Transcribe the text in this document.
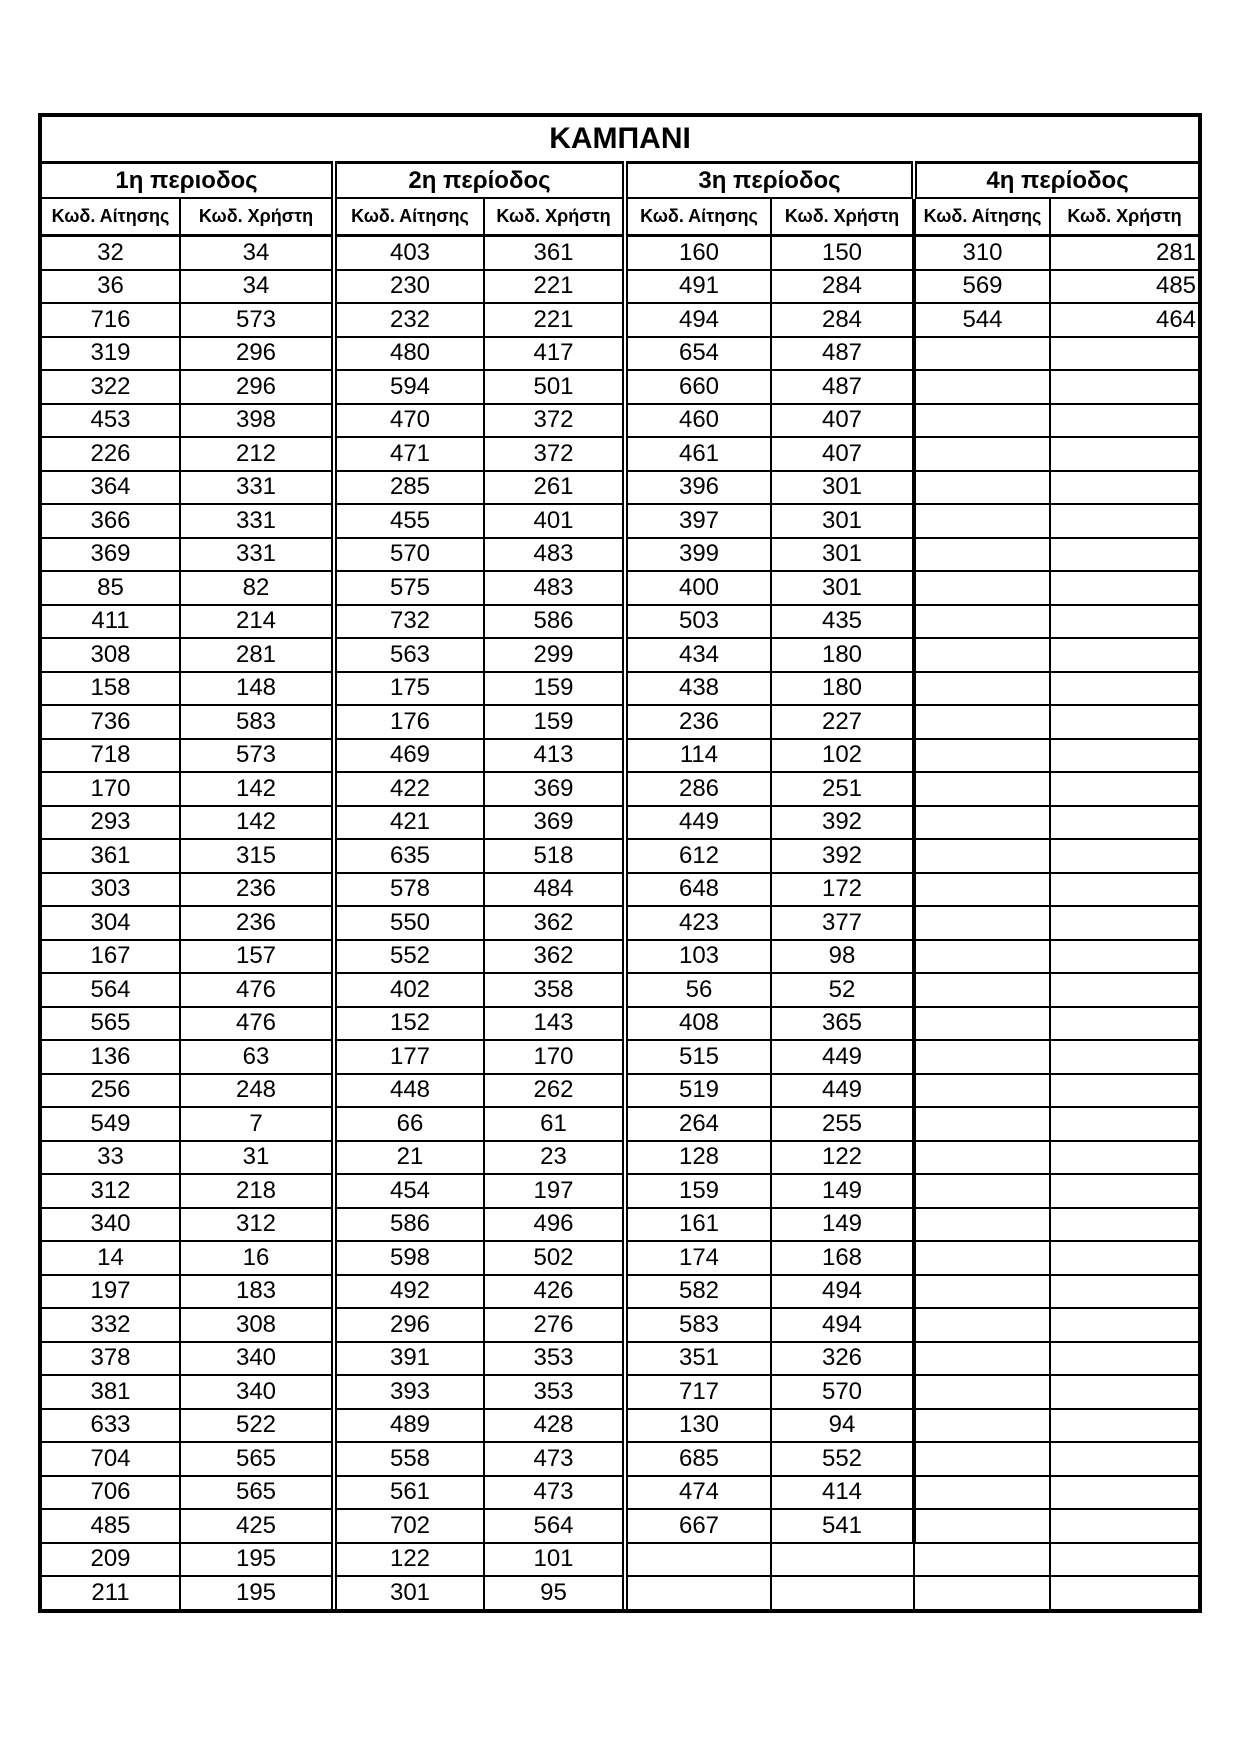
ΚΑΜΠΑΝΙ							
1η περιοδος		2η περίοδος		3η περίοδος		4η περίοδος	
Κωδ. Αίτησης	Κωδ. Χρήστη	Κωδ. Αίτησης	Κωδ. Χρήστη	Κωδ. Αίτησης	Κωδ. Χρήστη	Κωδ. Αίτησης	Κωδ. Χρήστη
32	34	403	361	160	150	310	281
36	34	230	221	491	284	569	485
716	573	232	221	494	284	544	464
319	296	480	417	654	487		
322	296	594	501	660	487		
453	398	470	372	460	407		
226	212	471	372	461	407		
364	331	285	261	396	301		
366	331	455	401	397	301		
369	331	570	483	399	301		
85	82	575	483	400	301		
411	214	732	586	503	435		
308	281	563	299	434	180		
158	148	175	159	438	180		
736	583	176	159	236	227		
718	573	469	413	114	102		
170	142	422	369	286	251		
293	142	421	369	449	392		
361	315	635	518	612	392		
303	236	578	484	648	172		
304	236	550	362	423	377		
167	157	552	362	103	98		
564	476	402	358	56	52		
565	476	152	143	408	365		
136	63	177	170	515	449		
256	248	448	262	519	449		
549	7	66	61	264	255		
33	31	21	23	128	122		
312	218	454	197	159	149		
340	312	586	496	161	149		
14	16	598	502	174	168		
197	183	492	426	582	494		
332	308	296	276	583	494		
378	340	391	353	351	326		
381	340	393	353	717	570		
633	522	489	428	130	94		
704	565	558	473	685	552		
706	565	561	473	474	414		
485	425	702	564	667	541		
209	195	122	101				
211	195	301	95				
